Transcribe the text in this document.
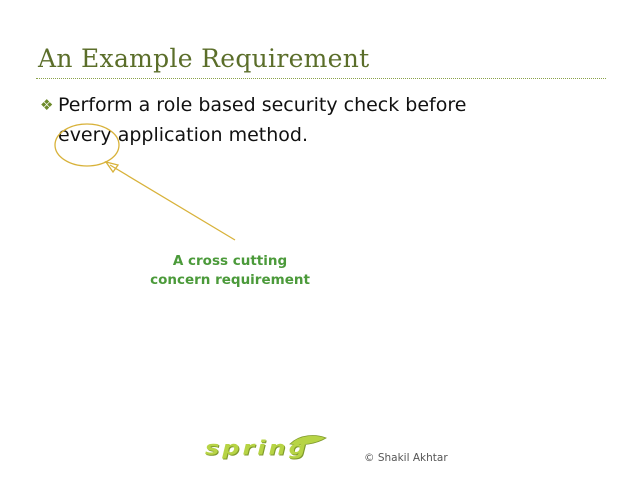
An Example Requirement
❖ Perform a role based security check before
every application method.
A cross cutting
concern requirement
spring	© Shakil Akhtar
